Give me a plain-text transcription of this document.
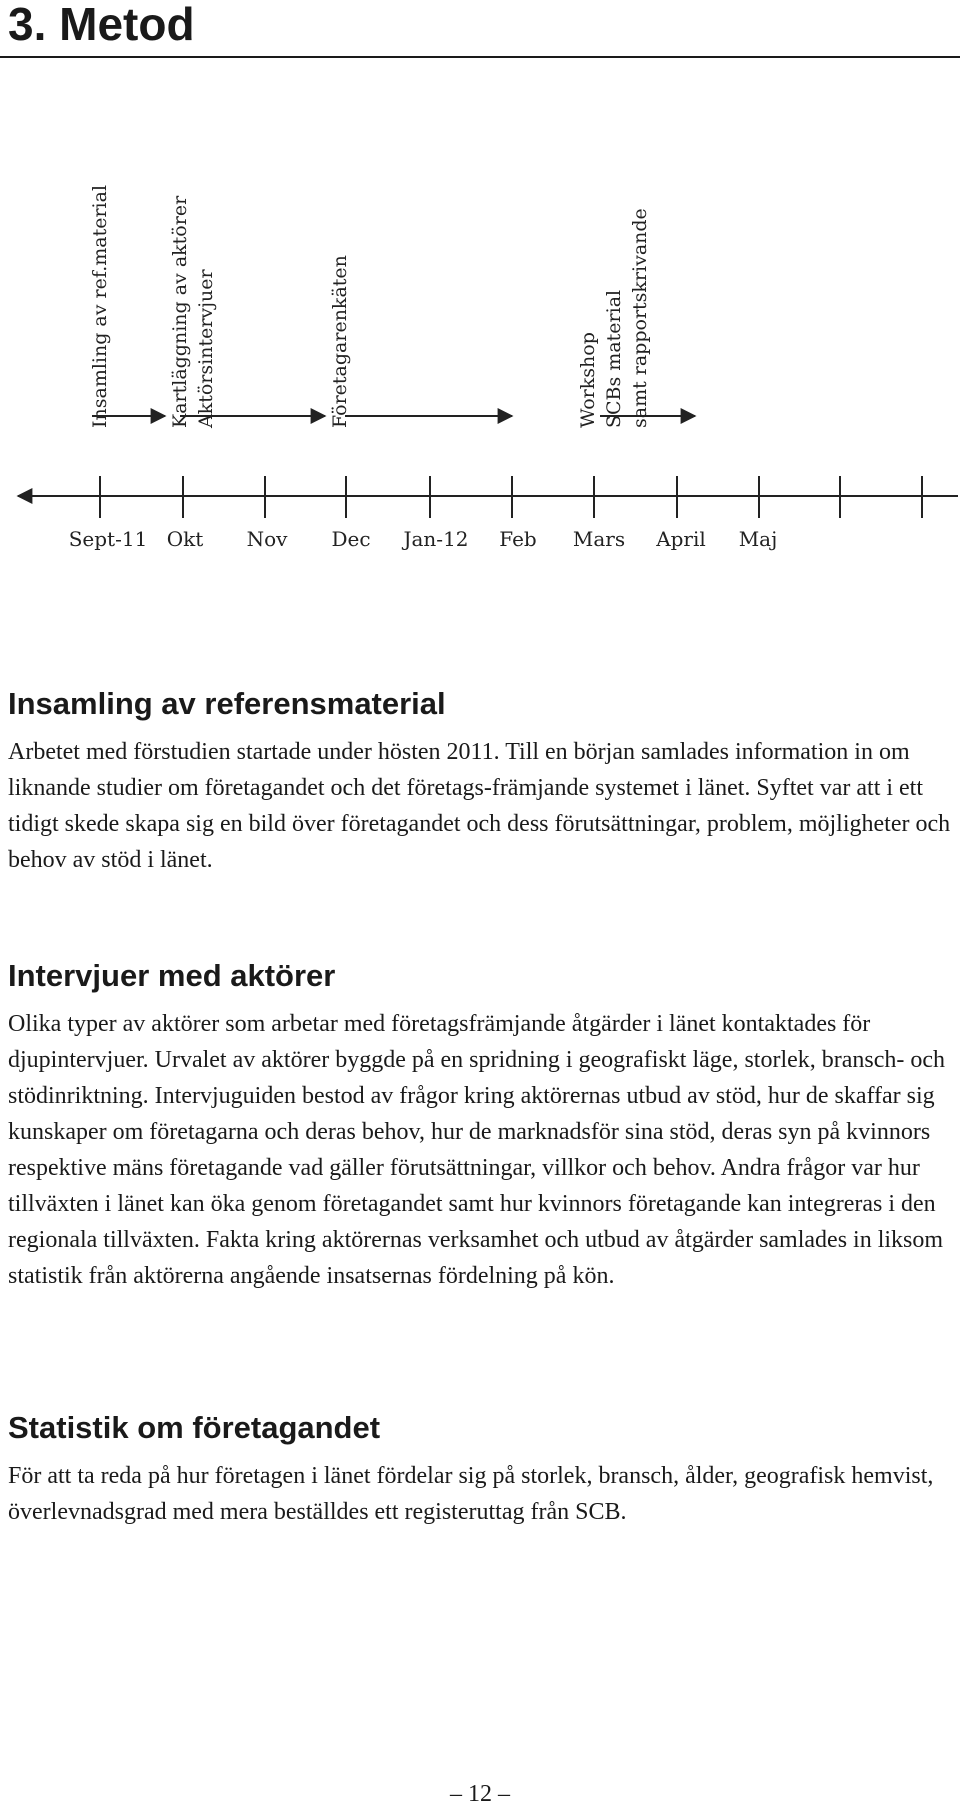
3. Metod
Insamling av ref.material	Kartläggning av aktörer Aktörsintervjuer	Företagarenkäten	Workshop SCBs material samt rapportskrivande
Sept-11 Okt Nov Dec Jan-12 Feb Mars April Maj
Insamling av referensmaterial

Arbetet med förstudien startade under hösten 2011. Till en början samlades information in om liknande studier om företagandet och det företags-främjande systemet i länet. Syftet var att i ett tidigt skede skapa sig en bild över företagandet och dess förutsättningar, problem, möjligheter och behov av stöd i länet.

Intervjuer med aktörer

Olika typer av aktörer som arbetar med företagsfrämjande åtgärder i länet kontaktades för djupintervjuer. Urvalet av aktörer byggde på en spridning i geografiskt läge, storlek, bransch- och stödinriktning. Intervjuguiden bestod av frågor kring aktörernas utbud av stöd, hur de skaffar sig kunskaper om företagarna och deras behov, hur de marknadsför sina stöd, deras syn på kvinnors respektive mäns företagande vad gäller förutsättningar, villkor och behov. Andra frågor var hur tillväxten i länet kan öka genom företagandet samt hur kvinnors företagande kan integreras i den regionala tillväxten. Fakta kring aktörernas verksamhet och utbud av åtgärder samlades in liksom statistik från aktörerna angående insatsernas fördelning på kön.

Statistik om företagandet

För att ta reda på hur företagen i länet fördelar sig på storlek, bransch, ålder, geografisk hemvist, överlevnadsgrad med mera beställdes ett registeruttag från SCB.

– 12 –
